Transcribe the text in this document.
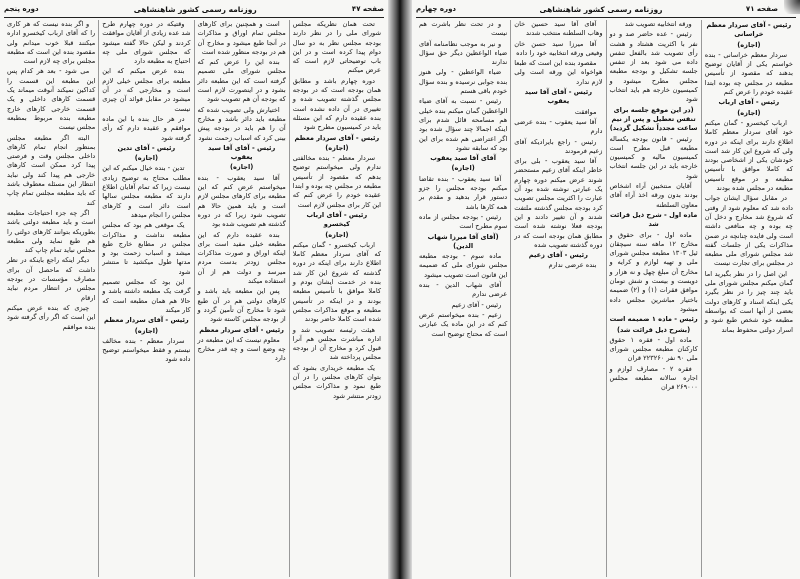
صفحه ۴۷
روزنامه رسمی کشور شاهنشاهی
دوره پنجم

تحت همان نظریکه مجلس شورای ملی را در نظر دارند بودجه مجلس نظر به دو سال دوام پیدا کرده است و در این باب توضیحاتی لازم است که عرض میکنم

دوره چهارم باشد و مطابق همان بودجه است که در بودجه مجلس گذشته تصویب شده و تغییری در آن داده نشده است بنده عقیده دارم که این مسئله باید در کمیسیون مطرح شود

رئیس - آقای سردار معظم

(اجازه)

سردار معظم - بنده مخالفتی ندارم ولی میخواستم توضیح بدهم که مقصود از تأسیس مطبعه در مجلس چه بوده و ابتدا عقیده خودم را عرض کنم که این کار برای مجلس لازم است

رئیس - آقای ارباب کیخسرو

(اجازه)

ارباب کیخسرو - گمان میکنم که آقای سردار معظم کاملا اطلاع دارند برای اینکه در دوره گذشته که شروع این کار شد بنده در خدمت ایشان بودم و کاملا موافق با تأسیس مطبعه بودند و در اینکه در تأسیس مطبعه و موقع مذاکرات مجلس شده است کاملا حاضر بودند

هیئت رئیسه تصویب شد و اداره مباشرت مجلس هم آنرا قبول کرد و مخارج آن از بودجه مجلس پرداخته شد

یک مطبعه خریداری بشود که بتوان کارهای مجلس را در آن طبع نمود و مذاکرات مجلس زودتر منتشر شود

است و همچنین برای کارهای مجلس تمام اوراق و مذاکرات در آنجا طبع میشود و مخارج آن هم در بودجه منظور شده است

بنده این را عرض کنم که مجلس شورای ملی تصمیم گرفته است که این مطبعه دائر بشود و در اینصورت لازم است که بودجه آن هم تصویب شود

اختیارش ولی تصویب شده که مطبعه باید دائر باشد و مخارج آن را هم باید در بودجه پیش بینی کرد که اسباب زحمت نشود

رئیس - آقای آقا سید یعقوب

(اجازه)

آقا سید یعقوب - بنده میخواستم عرض کنم که این مطبعه برای کارهای مجلس لازم است و باید همین حالا هم تصویب شود زیرا که در دوره گذشته هم تصویب شده بود

بنده عقیده دارم که این مطبعه خیلی مفید است برای اینکه اوراق و صورت مذاکرات مجلس زودتر بدست مردم میرسد و دولت هم از آن استفاده میکند

پس این مطبعه باید باشد و کارهای دولتی هم در آن طبع شود تا مخارج آن تأمین گردد و از بودجه مجلس کاسته شود

رئیس - آقای سردار معظم

معلوم نیست که این مطبعه در چه وضع است و چه قدر مخارج دارد

وقتیکه در دوره چهارم طرح شد عده زیادی از آقایان موافقت کردند و لیکن حالا گفته میشود که مجلس شورای ملی چه احتیاج به مطبعه دارد

بنده عرض میکنم که این مطبعه برای مجلس خیلی لازم است و مخارجی که در آن میشود در مقابل فوائد آن چیزی نیست

در هر حال بنده با این ماده موافقم و عقیده دارم که رأی گرفته شود

رئیس - آقای تدین

(اجازه)

تدین - بنده خیال میکنم که این مطلب محتاج به توضیح زیادی نیست زیرا که تمام آقایان اطلاع دارند که مطبعه مجلس سالها است دائر است و کارهای مجلس را انجام میدهد

یک موقعی هم بود که مجلس مطبعه نداشت و مذاکرات مجلس در مطابع خارج طبع میشد و اسباب زحمت بود و مدتها طول میکشید تا منتشر شود

این بود که مجلس تصمیم گرفت یک مطبعه داشته باشد و حالا هم همان مطبعه است که کار میکند

رئیس - آقای سردار معظم

(اجازه)

سردار معظم - بنده مخالف نیستم و فقط میخواستم توضیح داده شود

و اگر بنده نیست که هر کاری را که آقای ارباب کیخسرو اداره میکنند قبلا خوب میدانم ولی مقصود بنده این است که مطبعه مجلس برای چه لازم است

می شود - بعد هر کدام پس این مطبعه این قسمت را کداکین نمیکند آنوقت میماند یک قسمت کارهای داخلی و یک قسمت خارجی کارهای خارج مطبعه بنده مربوط بمطبعه مجلس نیست

البته اگر مطبعه مجلس بمنظور انجام تمام کارهای داخلی مجلس وقت و فرصتی پیدا کرد ممکن است کارهای خارجی هم پیدا کند ولی نباید انتظار این مسئله معطوف باشد که باید مطبعه مجلس تمام چاپ کند

اگر چه جزء احتیاجات مطبعه است و باید مطبعه دولتی باشد بطوریکه بتوانند کارهای دولتی را هم طبع نماید ولی مطبعه مجلس نباید تمام چاپ کند

دیگر اینکه راجع باینکه در نظر داشت که ماحصل آن برای مصارف مؤسسات در بودجه مجلس در انتظار مردم نباید ارقام

چیزی که بنده عرض میکنم این است که اگر رأی گرفته شود بنده موافقم

صفحه ۷۱
روزنامه رسمی کشور شاهنشاهی
دوره چهارم

رئیس - آقای سردار معظم خراسانی

(اجازه)

سردار معظم خراسانی - بنده خواستم یکی از آقایان توضیح بدهند که مقصود از تأسیس مطبعه در مجلس چه بوده ابتدا عقیده خودم را عرض کنم

رئیس - آقای ارباب

(اجازه)

ارباب کیخسرو - گمان میکنم خود آقای سردار معظم کاملا اطلاع دارند برای اینکه در دوره ولی که شروع این کار شد است خودشان یکی از اشخاصی بودند که کاملا موافق با تأسیس مطبعه و در موقع تأسیس مطبعه در مجلس شده بودند

در مقابل سؤال ایشان جواب داده شد که معلوم شود از وقتی که شروع شد مخارج و دخل آن چه بوده و چه منافعی داشته است ولی فایده چنانچه در ضمن مذاکرات یکی از جلسات گفته شد مجلس شورای ملی مطبعه در مجلس برای تجارت نیست

این اصل را در نظر بگیرید اما گمان میکنم مجلس شورای ملی باید چند چیز را در نظر بگیرد یکی اینکه اسناد و کارهای دولت بعضی از آنها است که بواسطه مطبعه خود شخص طبع شود و اسرار دولتی محفوظ بماند

ورقه انتخابیه تصویب شد

رئیس - عده حاضر صد و دو نفر با اکثریت هشتاد و هشت رأی تصویب شد بالفعل تنفس داده می شود بعد از تنفس جلسه تشکیل و بودجه مطبعه مجلس مطرح میشود و کمیسیون خارجه هم باید انتخاب شود

(در این موقع جلسه برای تنفس تعطیل و پس از نیم ساعت مجدداً تشکیل گردید)

رئیس - قانون بودجه یکساله مطبعه قبل مطرح است کمیسیون مالیه و کمیسیون خارجه باید در این جلسه انتخاب شود

آقایان منتخبین آراء اشخاص بودند بدون ورقه اخذ آراء آقای معاون السلطنه

ماده اول - شرح ذیل قرائت شد

ماده اول - برای حقوق و مخارج ۱۲ ماهه سنه سیچقان ئیل ۱۳۰۳ مطبعه مجلس شورای ملی و تهیه لوازم و کرایه و مخارج آن مبلغ چهل و نه هزار و دویست و بیست و شش تومان موافق فقرات (۱) و (۲) ضمیمه باختیار مباشرین مجلس داده میشود

رئیس - ماده ۱ ضمیمه است

(بشرح ذیل قرائت شد)

ماده اول - فقره ۱ حقوق کارکنان مطبعه مجلس شورای ملی ۹۰ نفر ۲۲۳۲۶۰ قران

فقره ۲ - مصارف لوازم و اجاره سالانه مطبعه مجلس ۲۶۹۰۰۰ قران

آقای آقا سید حسین خان وهاب السلطنه منتخب شدند

آقا میرزا سید حسن خان وفیعی ورقه انتخابیه خود را داده

مقصود بنده این است که طبعا هواخواه این ورقه است ولی لازم ندارد

رئیس - آقای آقا سید یعقوب

موافقت

آقا سید یعقوب - بنده عرضی دارم

رئیس - راجع بایرادیکه آقای زعیم فرمودند

آقا سید یعقوب - بلی برای خاطر اینکه آقای زعیم مستحضر شوند عرض میکنم دوره چهارم یک عبارتی نوشته شده بود آن عبارت را اکثریت مجلس تصویب کرد بودجه مجلس گذشته ملتفت شدند و آن تغییر دادند و این بودجه فعلا نوشته شده است مطابق همان بودجه است که در دوره گذشته تصویب شده

رئیس - آقای زعیم

بنده عرضی ندارم

و در تحت نظر باشرت هم نیست

و نیر به موجب نظامنامه آقای ضیاء الواعظین دیگر حق سؤال ندارند

ضیاء الواعظین - ولی هنوز بنده جوابی نرسیده و بنده سؤال خودم باقی هستم

رئیس - نسبت به آقای ضیاء الواعظین گمان میکنم بنده خیلی هم مسامحه قائل شدم برای اینکه اجمالا چند سؤال شده بود اگر اعتراضی هم شده برای این بود که سابقه نشود

آقای آقا سید یعقوب

(اجازه)

آقا سید یعقوب - بنده تقاضا میکنم بودجه مجلس را جزو دستور قرار بدهید و مقدم بر همه کارها باشد

رئیس - بودجه مجلس از ماده سوم مطرح است

(آقای آقا میرزا شهاب الدین)

ماده سوم - بودجه مطبعه مجلس شورای ملی که ضمیمه این قانون است تصویب میشود

آقای شهاب الدین - بنده عرضی ندارم

رئیس - آقای زعیم

زعیم - بنده میخواستم عرض کنم که در این ماده یک عبارتی است که محتاج توضیح است
